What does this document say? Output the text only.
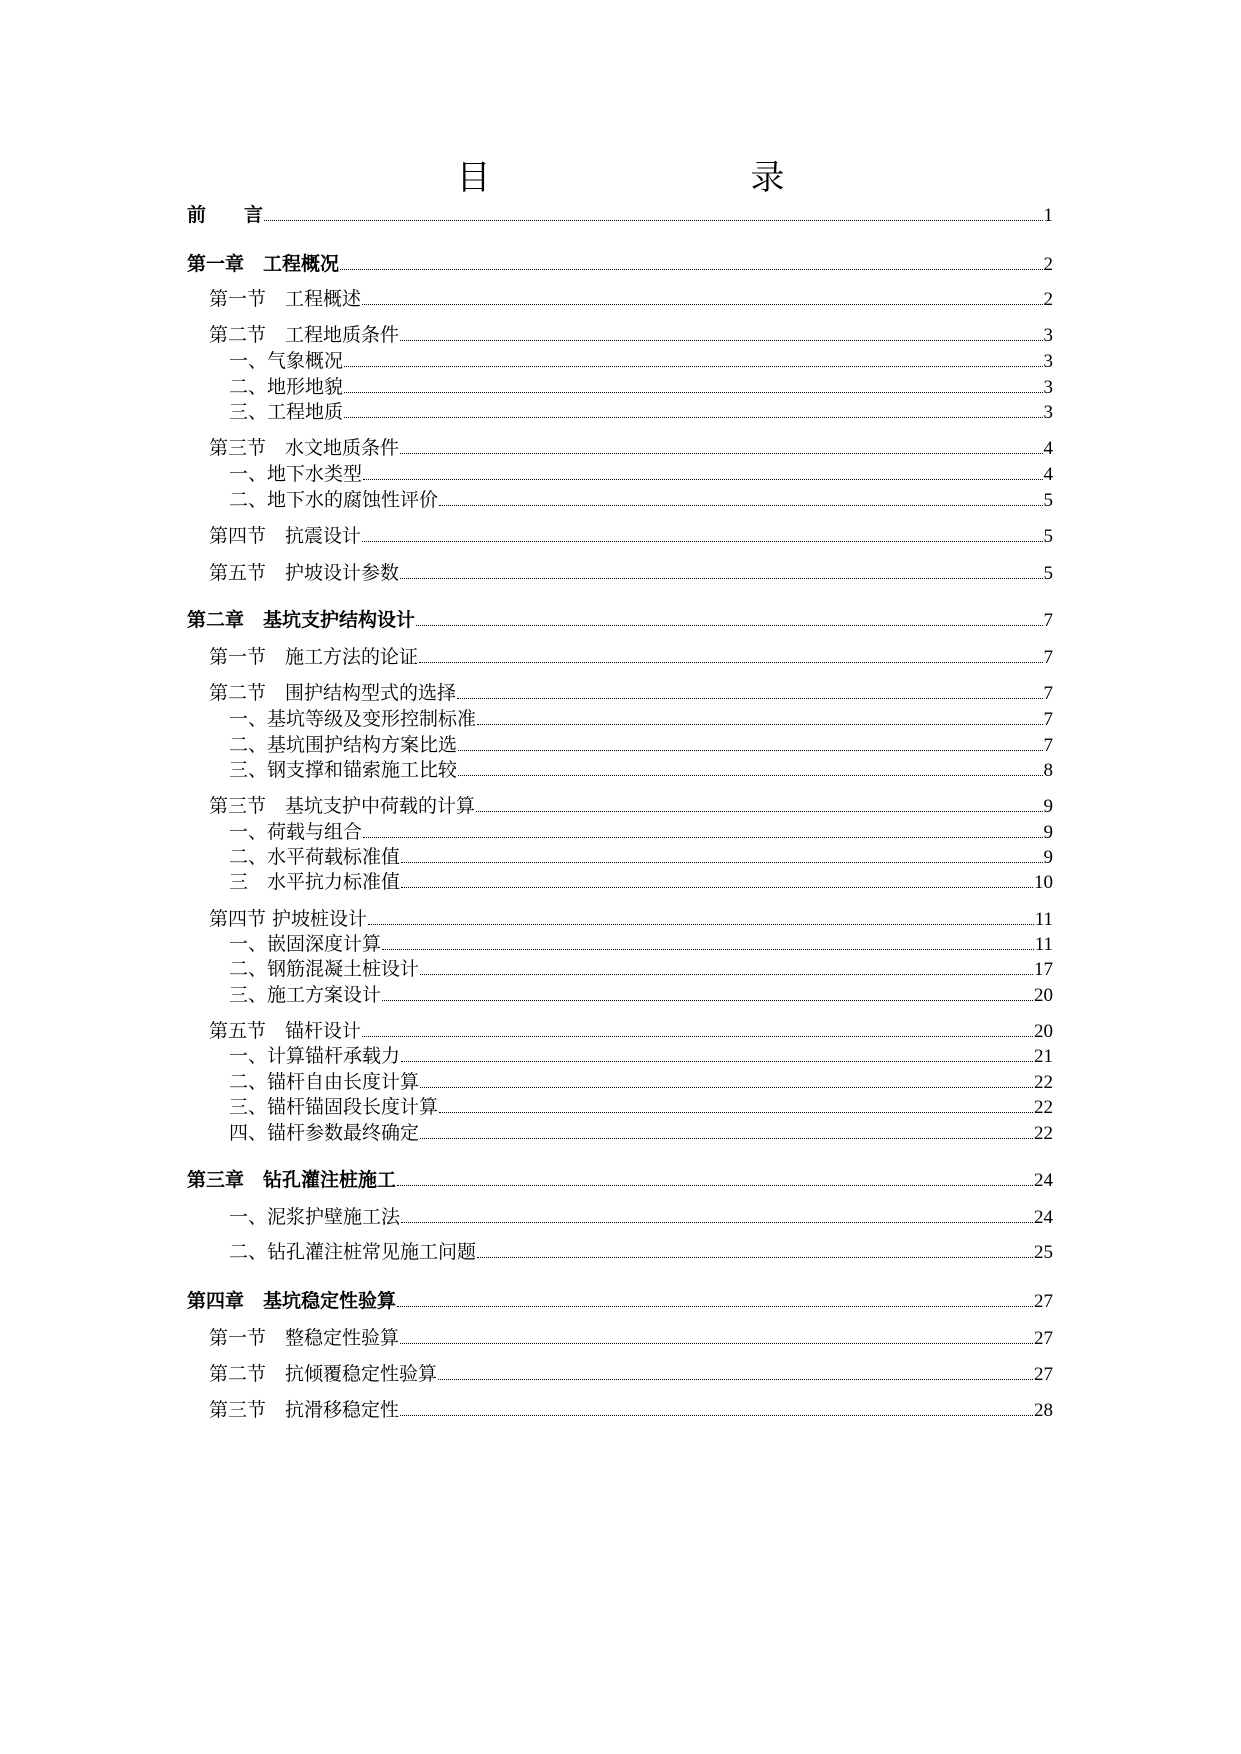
目　　录
前　　言	1
第一章　工程概况	2
第一节　工程概述	2
第二节　工程地质条件	3
一、气象概况	3
二、地形地貌	3
三、工程地质	3
第三节　水文地质条件	4
一、地下水类型	4
二、地下水的腐蚀性评价	5
第四节　抗震设计	5
第五节　护坡设计参数	5
第二章　基坑支护结构设计	7
第一节　施工方法的论证	7
第二节　围护结构型式的选择	7
一、基坑等级及变形控制标准	7
二、基坑围护结构方案比选	7
三、钢支撑和锚索施工比较	8
第三节　基坑支护中荷载的计算	9
一、荷载与组合	9
二、水平荷载标准值	9
三　水平抗力标准值	10
第四节 护坡桩设计	11
一、嵌固深度计算	11
二、钢筋混凝土桩设计	17
三、施工方案设计	20
第五节　锚杆设计	20
一、计算锚杆承载力	21
二、锚杆自由长度计算	22
三、锚杆锚固段长度计算	22
四、锚杆参数最终确定	22
第三章　钻孔灌注桩施工	24
一、泥浆护壁施工法	24
二、钻孔灌注桩常见施工问题	25
第四章　基坑稳定性验算	27
第一节　整稳定性验算	27
第二节　抗倾覆稳定性验算	27
第三节　抗滑移稳定性	28
